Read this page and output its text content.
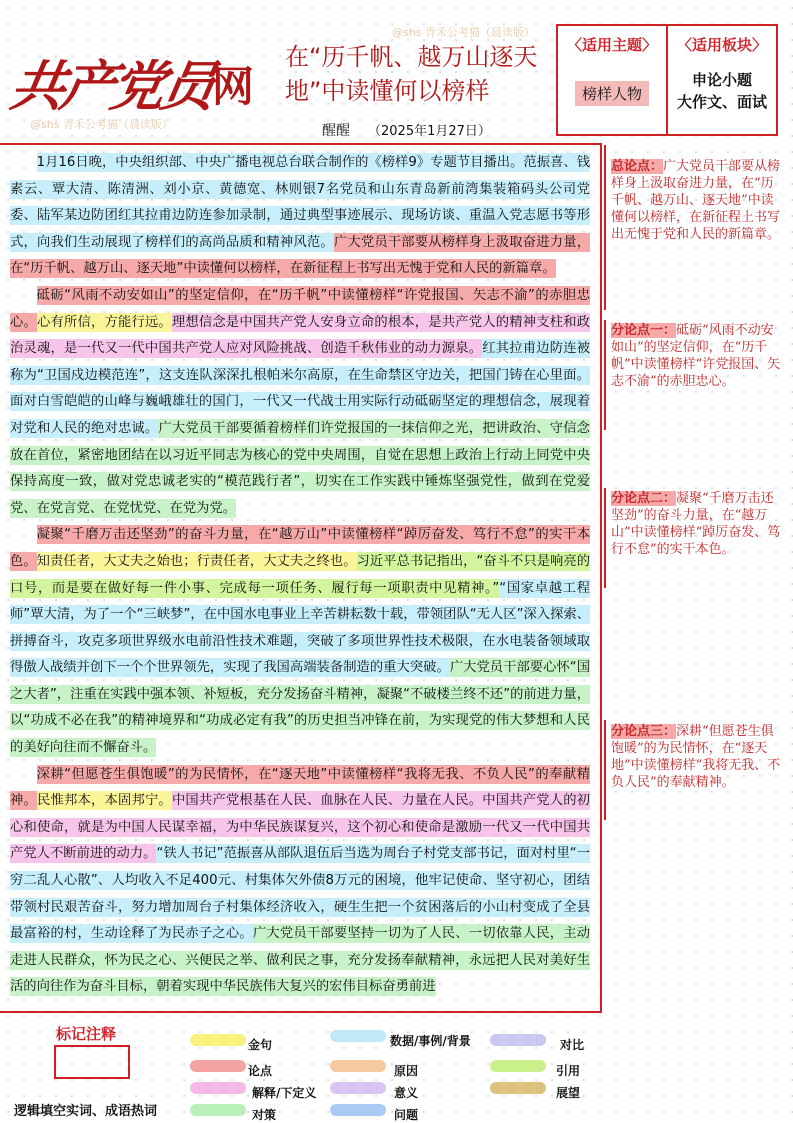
共产党员
网
@shs 青禾公考猫（晨读版）
@shs 青禾公考猫（晨读版）
在“历千帆、越万山逐天地”中读懂何以榜样
醒醒 （2025年1月27日）
〈适用主题〉
榜样人物
〈适用板块〉
申论小题
大作文、面试

1月16日晚，中央组织部、中央广播电视总台联合制作的《榜样9》专题节目播出。范振喜、钱素云、覃大清、陈清洲、刘小京、黄德宽、林则银7名党员和山东青岛新前湾集装箱码头公司党委、陆军某边防团红其拉甫边防连参加录制，通过典型事迹展示、现场访谈、重温入党志愿书等形式，向我们生动展现了榜样们的高尚品质和精神风范。广大党员干部要从榜样身上汲取奋进力量，在“历千帆、越万山、逐天地”中读懂何以榜样，在新征程上书写出无愧于党和人民的新篇章。

砥砺“风雨不动安如山”的坚定信仰，在“历千帆”中读懂榜样“许党报国、矢志不渝”的赤胆忠心。心有所信，方能行远。理想信念是中国共产党人安身立命的根本，是共产党人的精神支柱和政治灵魂，是一代又一代中国共产党人应对风险挑战、创造千秋伟业的动力源泉。红其拉甫边防连被称为“卫国戍边模范连”，这支连队深深扎根帕米尔高原，在生命禁区守边关，把国门铸在心里面。面对白雪皑皑的山峰与巍峨雄壮的国门，一代又一代战士用实际行动砥砺坚定的理想信念，展现着对党和人民的绝对忠诚。广大党员干部要循着榜样们许党报国的一抹信仰之光，把讲政治、守信念放在首位，紧密地团结在以习近平同志为核心的党中央周围，自觉在思想上政治上行动上同党中央保持高度一致，做对党忠诚老实的“模范践行者”，切实在工作实践中锤炼坚强党性，做到在党爱党、在党言党、在党忧党、在党为党。

凝聚“千磨万击还坚劲”的奋斗力量，在“越万山”中读懂榜样“踔厉奋发、笃行不怠”的实干本色。知责任者，大丈夫之始也；行责任者，大丈夫之终也。习近平总书记指出，“奋斗不只是响亮的口号，而是要在做好每一件小事、完成每一项任务、履行每一项职责中见精神。”“国家卓越工程师”覃大清，为了一个“三峡梦”，在中国水电事业上辛苦耕耘数十载，带领团队“无人区”深入探索、拼搏奋斗，攻克多项世界级水电前沿性技术难题，突破了多项世界性技术极限，在水电装备领域取得傲人战绩并创下一个个世界领先，实现了我国高端装备制造的重大突破。广大党员干部要心怀“国之大者”，注重在实践中强本领、补短板，充分发扬奋斗精神，凝聚“不破楼兰终不还”的前进力量，以“功成不必在我”的精神境界和“功成必定有我”的历史担当冲锋在前，为实现党的伟大梦想和人民的美好向往而不懈奋斗。

深耕“但愿苍生俱饱暖”的为民情怀，在“逐天地”中读懂榜样“我将无我、不负人民”的奉献精神。民惟邦本，本固邦宁。中国共产党根基在人民、血脉在人民、力量在人民。中国共产党人的初心和使命，就是为中国人民谋幸福，为中华民族谋复兴，这个初心和使命是激励一代又一代中国共产党人不断前进的动力。“铁人书记”范振喜从部队退伍后当选为周台子村党支部书记，面对村里“一穷二乱人心散”、人均收入不足400元、村集体欠外债8万元的困境，他牢记使命、坚守初心，团结带领村民艰苦奋斗，努力增加周台子村集体经济收入，硬生生把一个贫困落后的小山村变成了全县最富裕的村，生动诠释了为民赤子之心。广大党员干部要坚持一切为了人民、一切依靠人民，主动走进人民群众，怀为民之心、兴便民之举、做利民之事，充分发扬奉献精神，永远把人民对美好生活的向往作为奋斗目标，朝着实现中华民族伟大复兴的宏伟目标奋勇前进

总论点：广大党员干部要从榜样身上汲取奋进力量，在“历千帆、越万山、逐天地”中读懂何以榜样，在新征程上书写出无愧于党和人民的新篇章。
分论点一：砥砺“风雨不动安如山”的坚定信仰，在“历千帆”中读懂榜样“许党报国、矢志不渝”的赤胆忠心。
分论点二：凝聚“千磨万击还坚劲”的奋斗力量，在“越万山”中读懂榜样“踔厉奋发、笃行不怠”的实干本色。
分论点三：深耕“但愿苍生俱饱暖”的为民情怀，在“逐天地”中读懂榜样“我将无我、不负人民”的奉献精神。
标记注释
逻辑填空实词、成语热词
金句
论点
解释/下定义
对策
数据/事例/背景
原因
意义
问题
对比
引用
展望
